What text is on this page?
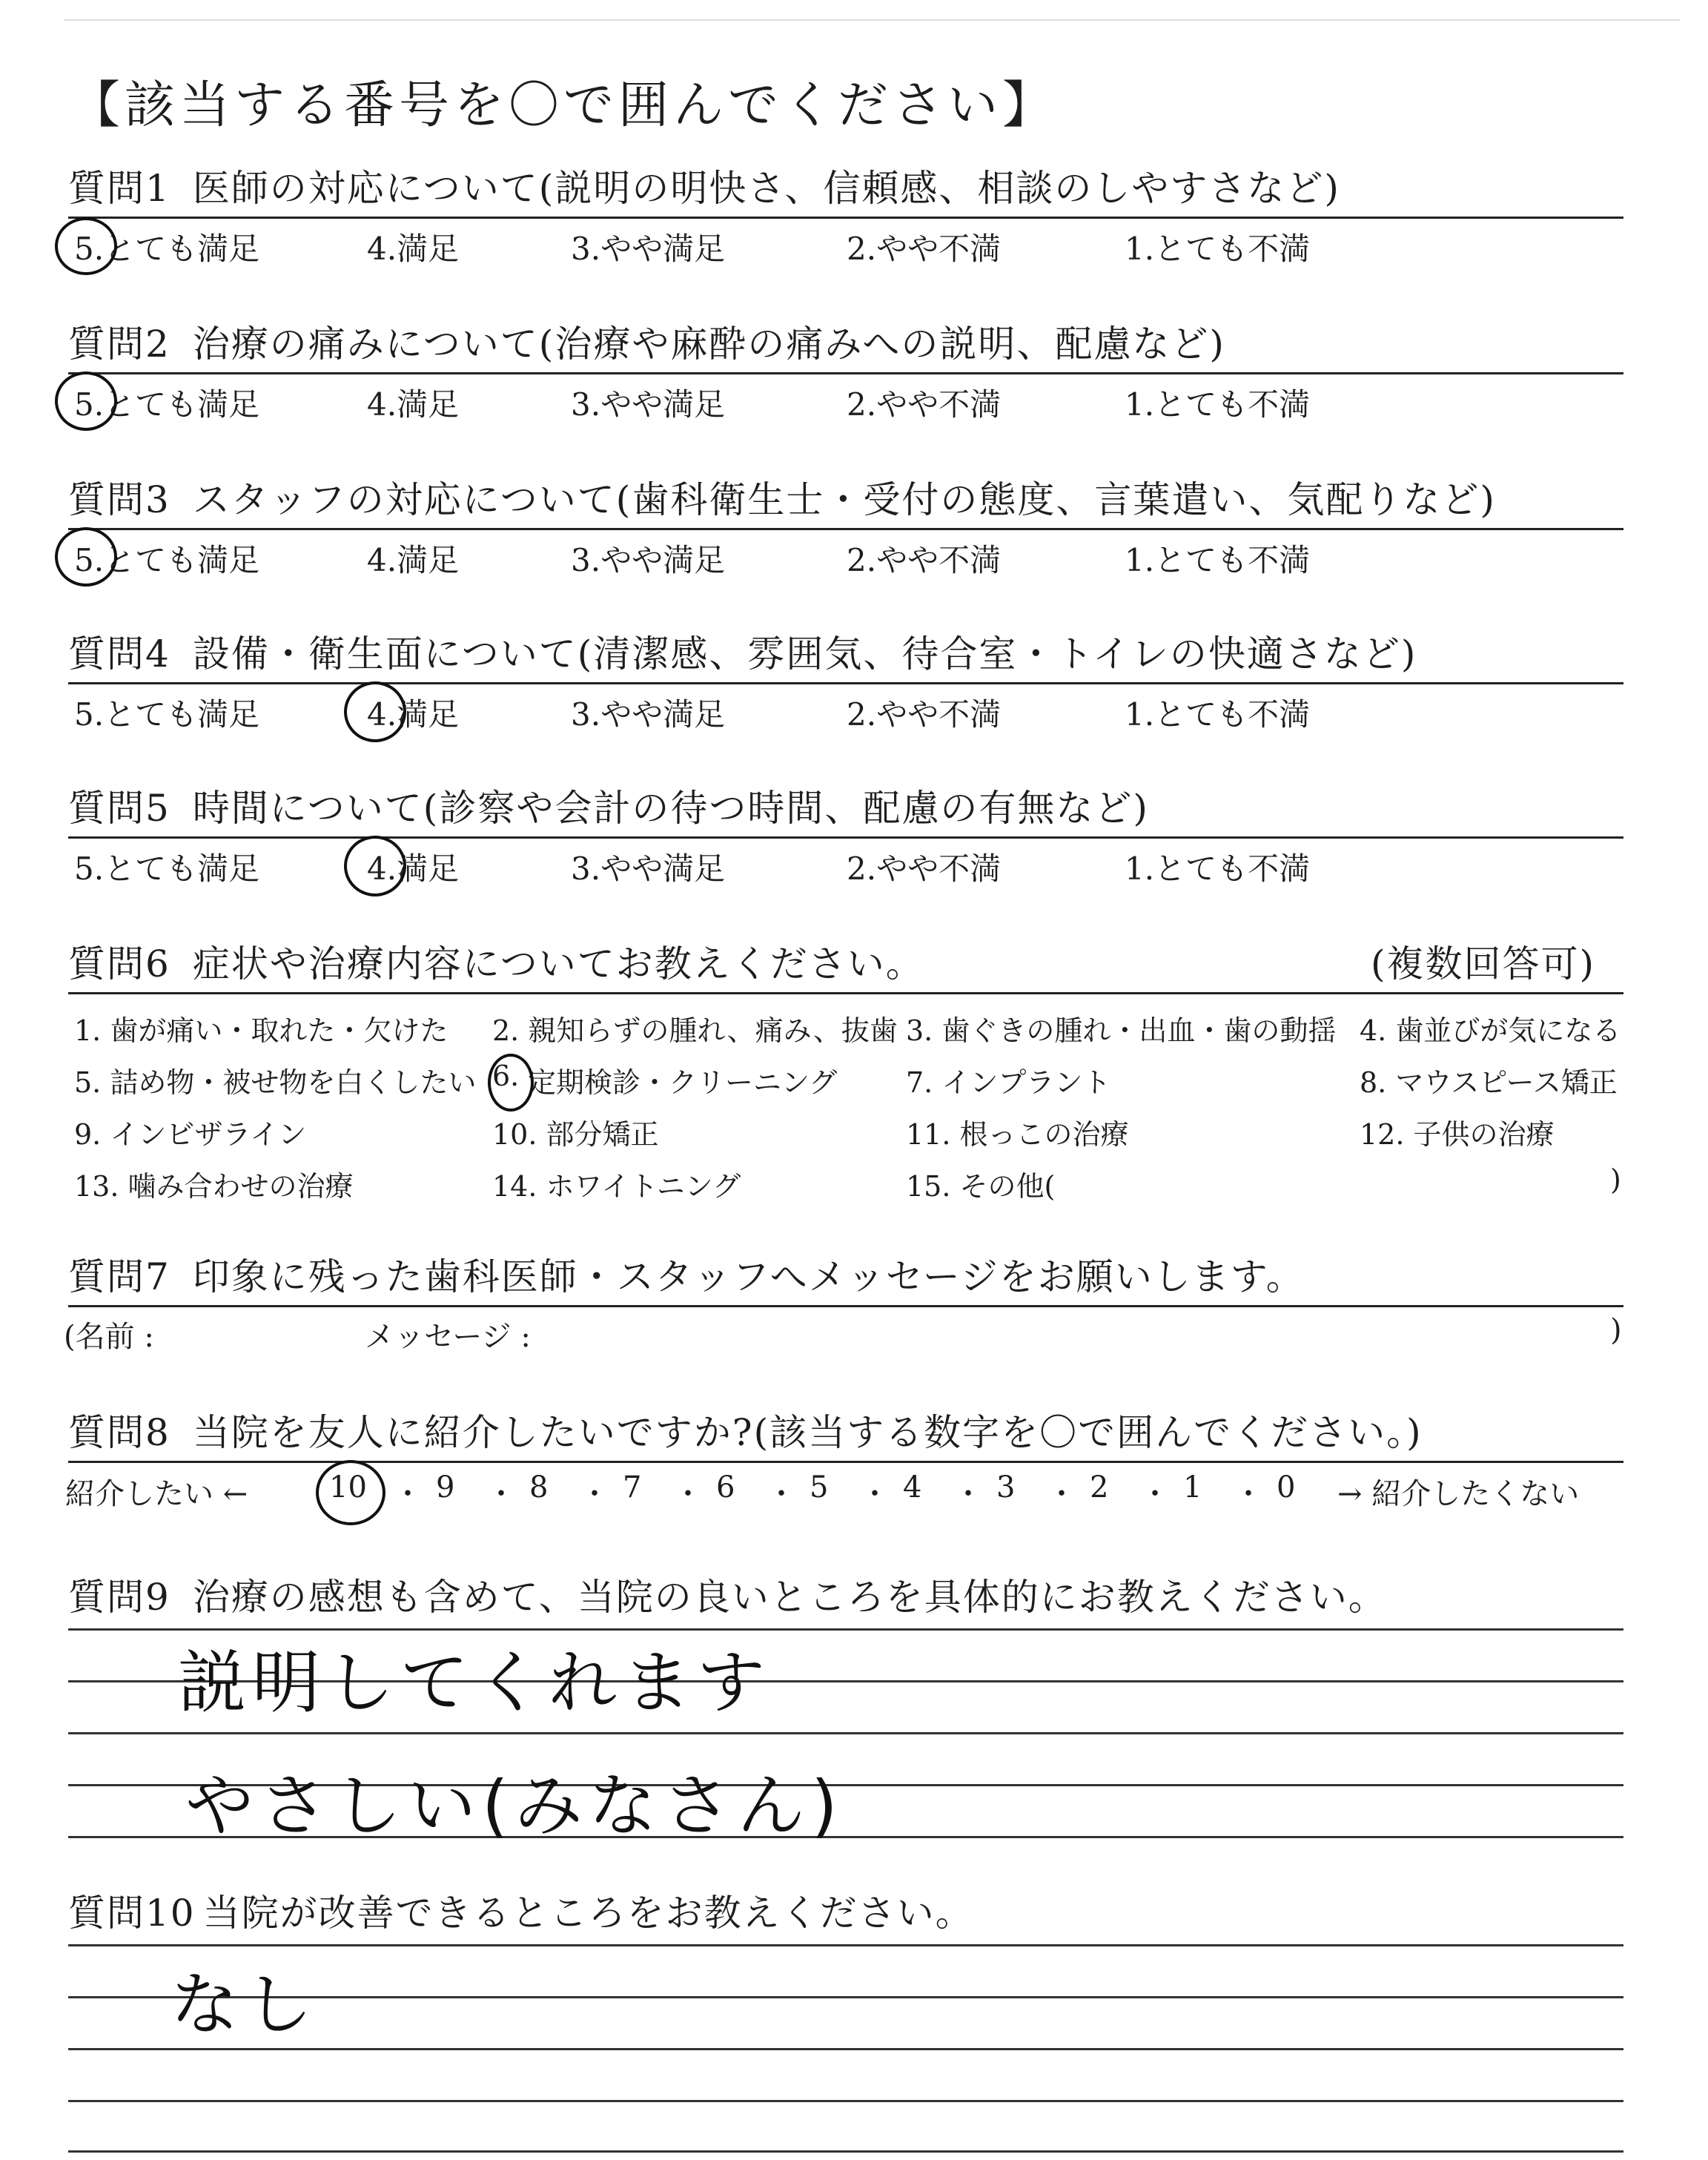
【該当する番号を〇で囲んでください】
質問1 医師の対応について(説明の明快さ、信頼感、相談のしやすさなど)
5.とても満足	4.満足	3.やや満足	2.やや不満	1.とても不満
質問2 治療の痛みについて(治療や麻酔の痛みへの説明、配慮など)
5.とても満足	4.満足	3.やや満足	2.やや不満	1.とても不満
質問3 スタッフの対応について(歯科衛生士・受付の態度、言葉遣い、気配りなど)
5.とても満足	4.満足	3.やや満足	2.やや不満	1.とても不満
質問4 設備・衛生面について(清潔感、雰囲気、待合室・トイレの快適さなど)
5.とても満足	4.満足	3.やや満足	2.やや不満	1.とても不満
質問5 時間について(診察や会計の待つ時間、配慮の有無など)
5.とても満足	4.満足	3.やや満足	2.やや不満	1.とても不満
質問6 症状や治療内容についてお教えください。	(複数回答可)
1. 歯が痛い・取れた・欠けた 2. 親知らずの腫れ、痛み、抜歯 3. 歯ぐきの腫れ・出血・歯の動揺 4. 歯並びが気になる
5. 詰め物・被せ物を白くしたい 6. 定期検診・クリーニング 7. インプラント	8. マウスピース矯正
9. インビザライン	10. 部分矯正	11. 根っこの治療	12. 子供の治療
13. 噛み合わせの治療	14. ホワイトニング	15. その他(	)
質問7 印象に残った歯科医師・スタッフへメッセージをお願いします。
(名前 :	メッセージ :	)
質問8 当院を友人に紹介したいですか?(該当する数字を〇で囲んでください。)
紹介したい ←	10 ・ 9 ・ 8 ・ 7 ・ 6 ・ 5 ・ 4 ・ 3 ・ 2 ・ 1 ・ 0 → 紹介したくない
質問9 治療の感想も含めて、当院の良いところを具体的にお教えください。
説明してくれます
やさしい(みなさん)
質問10 当院が改善できるところをお教えください。
なし
